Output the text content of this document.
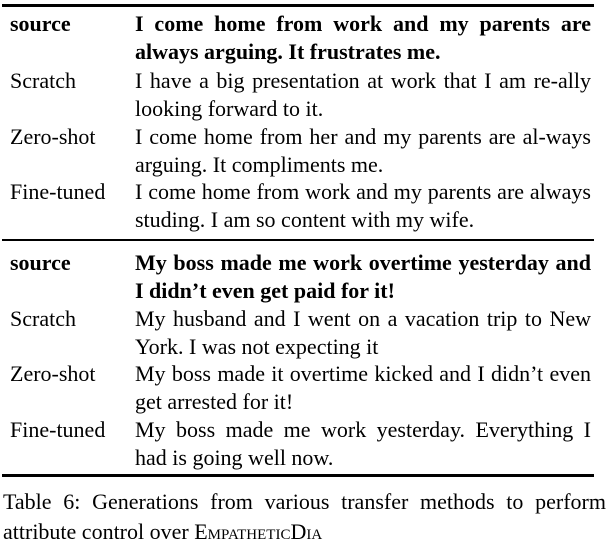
source	I come home from work and my parents are always arguing. It frustrates me.
Scratch	I have a big presentation at work that I am re-ally looking forward to it.
Zero-shot I come home from her and my parents are al-ways arguing. It compliments me.
Fine-tuned I come home from work and my parents are always studing. I am so content with my wife.
source	My boss made me work overtime yesterday and I didn’t even get paid for it!
Scratch	My husband and I went on a vacation trip to New York. I was not expecting it
Zero-shot My boss made it overtime kicked and I didn’t even get arrested for it!
Fine-tuned My boss made me work yesterday. Everything I had is going well now.
Table 6: Generations from various transfer methods to perform attribute control over EmpatheticDia
